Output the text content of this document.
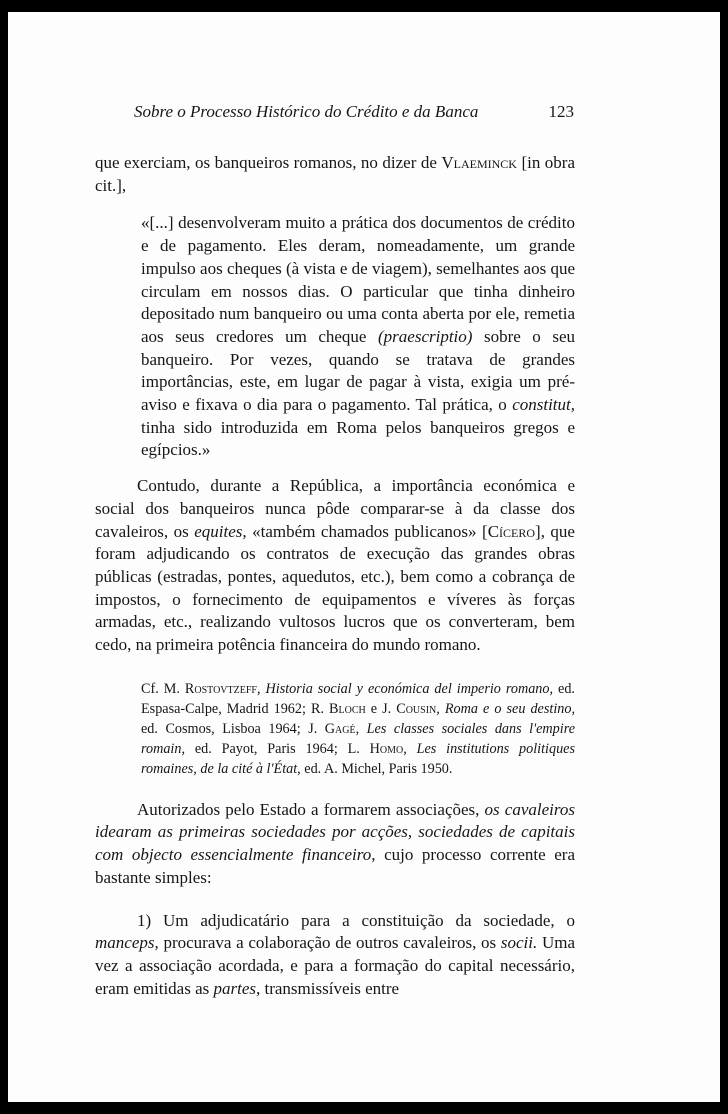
Sobre o Processo Histórico do Crédito e da Banca	123

que exerciam, os banqueiros romanos, no dizer de Vlaeminck [in obra cit.],

«[...] desenvolveram muito a prática dos documentos de crédito e de pagamento. Eles deram, nomeadamente, um grande impulso aos cheques (à vista e de viagem), semelhantes aos que circulam em nossos dias. O particular que tinha dinheiro depositado num banqueiro ou uma conta aberta por ele, remetia aos seus credores um cheque (praescriptio) sobre o seu banqueiro. Por vezes, quando se tratava de grandes importâncias, este, em lugar de pagar à vista, exigia um pré-aviso e fixava o dia para o pagamento. Tal prática, o constitut, tinha sido introduzida em Roma pelos banqueiros gregos e egípcios.»

Contudo, durante a República, a importância económica e social dos banqueiros nunca pôde comparar-se à da classe dos cavaleiros, os equites, «também chamados publicanos» [Cícero], que foram adjudicando os contratos de execução das grandes obras públicas (estradas, pontes, aquedutos, etc.), bem como a cobrança de impostos, o fornecimento de equipamentos e víveres às forças armadas, etc., realizando vultosos lucros que os converteram, bem cedo, na primeira potência financeira do mundo romano.

Cf. M. Rostovtzeff, Historia social y económica del imperio romano, ed. Espasa-Calpe, Madrid 1962; R. Bloch e J. Cousin, Roma e o seu destino, ed. Cosmos, Lisboa 1964; J. Gagé, Les classes sociales dans l'empire romain, ed. Payot, Paris 1964; L. Homo, Les institutions politiques romaines, de la cité à l'État, ed. A. Michel, Paris 1950.

Autorizados pelo Estado a formarem associações, os cavaleiros idearam as primeiras sociedades por acções, sociedades de capitais com objecto essencialmente financeiro, cujo processo corrente era bastante simples:

1) Um adjudicatário para a constituição da sociedade, o manceps, procurava a colaboração de outros cavaleiros, os socii. Uma vez a associação acordada, e para a formação do capital necessário, eram emitidas as partes, transmissíveis entre
